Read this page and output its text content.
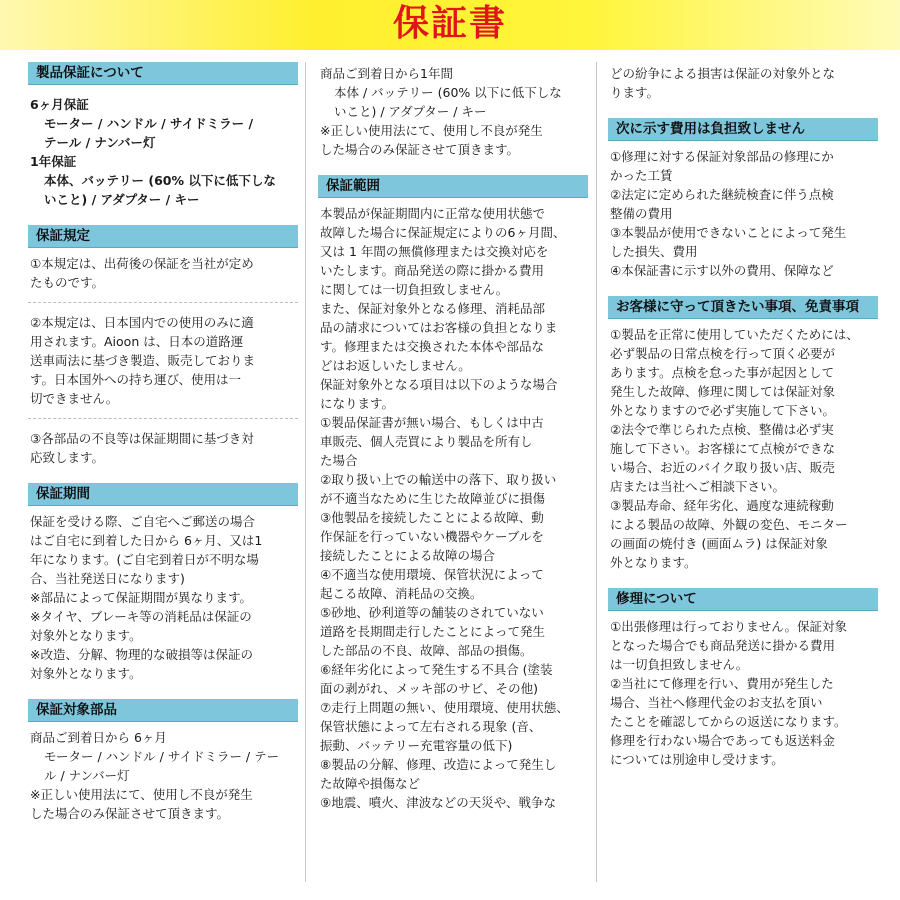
保証書
製品保証について
6ヶ月保証
モーター / ハンドル / サイドミラー /
テール / ナンバー灯
1年保証
本体、バッテリー (60% 以下に低下しな
いこと) / アダプター / キー
保証規定
①本規定は、出荷後の保証を当社が定め
たものです。
②本規定は、日本国内での使用のみに適
用されます。Aioon は、日本の道路運
送車両法に基づき製造、販売しておりま
す。日本国外への持ち運び、使用は一
切できません。
③各部品の不良等は保証期間に基づき対
応致します。
保証期間
保証を受ける際、ご自宅へご郵送の場合
はご自宅に到着した日から 6ヶ月、又は1
年になります。(ご自宅到着日が不明な場
合、当社発送日になります)
※部品によって保証期間が異なります。
※タイヤ、ブレーキ等の消耗品は保証の
対象外となります。
※改造、分解、物理的な破損等は保証の
対象外となります。
保証対象部品
商品ご到着日から 6ヶ月
モーター / ハンドル / サイドミラー / テー
ル / ナンバー灯
※正しい使用法にて、使用し不良が発生
した場合のみ保証させて頂きます。
商品ご到着日から1年間
本体 / バッテリー (60% 以下に低下しな
いこと) / アダプター / キー
※正しい使用法にて、使用し不良が発生
した場合のみ保証させて頂きます。
保証範囲
本製品が保証期間内に正常な使用状態で
故障した場合に保証規定によりの6ヶ月間、
又は 1 年間の無償修理または交換対応を
いたします。商品発送の際に掛かる費用
に関しては一切負担致しません。
また、保証対象外となる修理、消耗品部
品の請求についてはお客様の負担となりま
す。修理または交換された本体や部品な
どはお返しいたしません。
保証対象外となる項目は以下のような場合
になります。
①製品保証書が無い場合、もしくは中古
車販売、個人売買により製品を所有し
た場合
②取り扱い上での輸送中の落下、取り扱い
が不適当なために生じた故障並びに損傷
③他製品を接続したことによる故障、動
作保証を行っていない機器やケーブルを
接続したことによる故障の場合
④不適当な使用環境、保管状況によって
起こる故障、消耗品の交換。
⑤砂地、砂利道等の舗装のされていない
道路を長期間走行したことによって発生
した部品の不良、故障、部品の損傷。
⑥経年劣化によって発生する不具合 (塗装
面の剥がれ、メッキ部のサビ、その他)
⑦走行上問題の無い、使用環境、使用状態、
保管状態によって左右される現象 (音、
振動、バッテリー充電容量の低下)
⑧製品の分解、修理、改造によって発生し
た故障や損傷など
⑨地震、噴火、津波などの天災や、戦争な
どの紛争による損害は保証の対象外とな
ります。
次に示す費用は負担致しません
①修理に対する保証対象部品の修理にか
かった工賃
②法定に定められた継続検査に伴う点検
整備の費用
③本製品が使用できないことによって発生
した損失、費用
④本保証書に示す以外の費用、保障など
お客様に守って頂きたい事項、免責事項
①製品を正常に使用していただくためには、
必ず製品の日常点検を行って頂く必要が
あります。点検を怠った事が起因として
発生した故障、修理に関しては保証対象
外となりますので必ず実施して下さい。
②法令で準じられた点検、整備は必ず実
施して下さい。お客様にて点検ができな
い場合、お近のバイク取り扱い店、販売
店または当社へご相談下さい。
③製品寿命、経年劣化、過度な連続稼動
による製品の故障、外観の変色、モニター
の画面の焼付き (画面ムラ) は保証対象
外となります。
修理について
①出張修理は行っておりません。保証対象
となった場合でも商品発送に掛かる費用
は一切負担致しません。
②当社にて修理を行い、費用が発生した
場合、当社へ修理代金のお支払を頂い
たことを確認してからの返送になります。
修理を行わない場合であっても返送料金
については別途申し受けます。
